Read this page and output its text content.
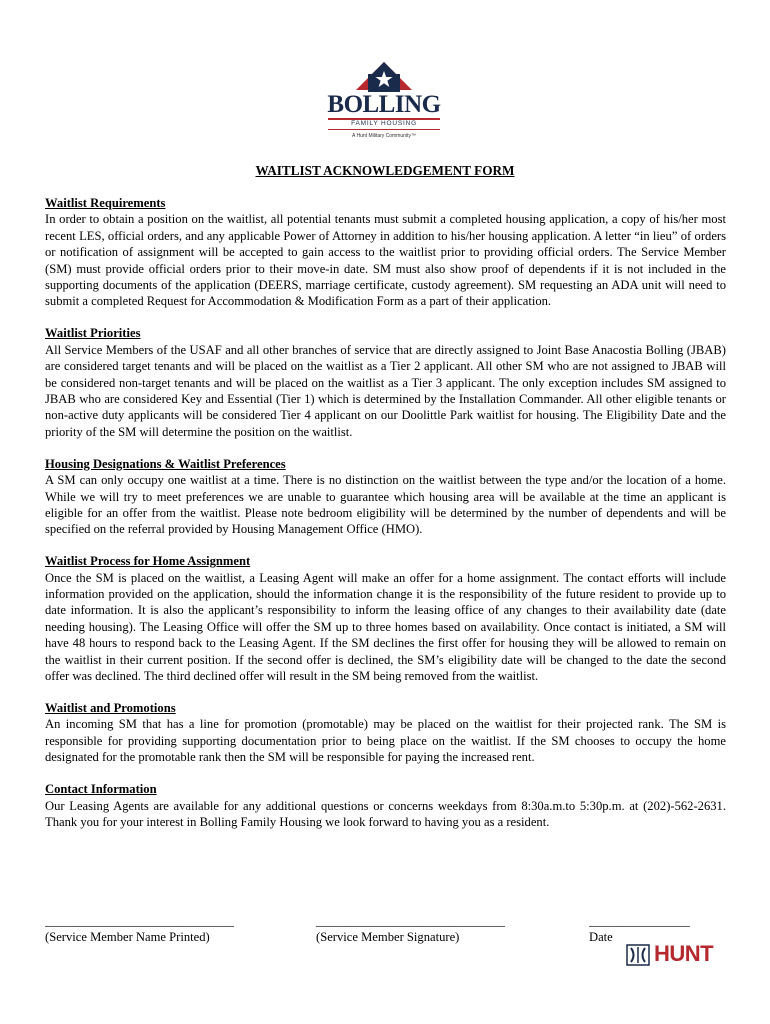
BOLLING
FAMILY HOUSING
A Hunt Military Community™
WAITLIST ACKNOWLEDGEMENT FORM

Waitlist Requirements

In order to obtain a position on the waitlist, all potential tenants must submit a completed housing application, a copy of his/her most recent LES, official orders, and any applicable Power of Attorney in addition to his/her housing application. A letter “in lieu” of orders or notification of assignment will be accepted to gain access to the waitlist prior to providing official orders. The Service Member (SM) must provide official orders prior to their move-in date. SM must also show proof of dependents if it is not included in the supporting documents of the application (DEERS, marriage certificate, custody agreement). SM requesting an ADA unit will need to submit a completed Request for Accommodation & Modification Form as a part of their application.

Waitlist Priorities

All Service Members of the USAF and all other branches of service that are directly assigned to Joint Base Anacostia Bolling (JBAB) are considered target tenants and will be placed on the waitlist as a Tier 2 applicant. All other SM who are not assigned to JBAB will be considered non-target tenants and will be placed on the waitlist as a Tier 3 applicant. The only exception includes SM assigned to JBAB who are considered Key and Essential (Tier 1) which is determined by the Installation Commander. All other eligible tenants or non-active duty applicants will be considered Tier 4 applicant on our Doolittle Park waitlist for housing. The Eligibility Date and the priority of the SM will determine the position on the waitlist.

Housing Designations & Waitlist Preferences

A SM can only occupy one waitlist at a time. There is no distinction on the waitlist between the type and/or the location of a home. While we will try to meet preferences we are unable to guarantee which housing area will be available at the time an applicant is eligible for an offer from the waitlist. Please note bedroom eligibility will be determined by the number of dependents and will be specified on the referral provided by Housing Management Office (HMO).

Waitlist Process for Home Assignment

Once the SM is placed on the waitlist, a Leasing Agent will make an offer for a home assignment. The contact efforts will include information provided on the application, should the information change it is the responsibility of the future resident to provide up to date information. It is also the applicant’s responsibility to inform the leasing office of any changes to their availability date (date needing housing). The Leasing Office will offer the SM up to three homes based on availability. Once contact is initiated, a SM will have 48 hours to respond back to the Leasing Agent. If the SM declines the first offer for housing they will be allowed to remain on the waitlist in their current position. If the second offer is declined, the SM’s eligibility date will be changed to the date the second offer was declined. The third declined offer will result in the SM being removed from the waitlist.

Waitlist and Promotions

An incoming SM that has a line for promotion (promotable) may be placed on the waitlist for their projected rank. The SM is responsible for providing supporting documentation prior to being place on the waitlist. If the SM chooses to occupy the home designated for the promotable rank then the SM will be responsible for paying the increased rent.

Contact Information

Our Leasing Agents are available for any additional questions or concerns weekdays from 8:30a.m.to 5:30p.m. at (202)-562-2631. Thank you for your interest in Bolling Family Housing we look forward to having you as a resident.

______________________________
(Service Member Name Printed)
______________________________
(Service Member Signature)
________________
Date
HUNT
